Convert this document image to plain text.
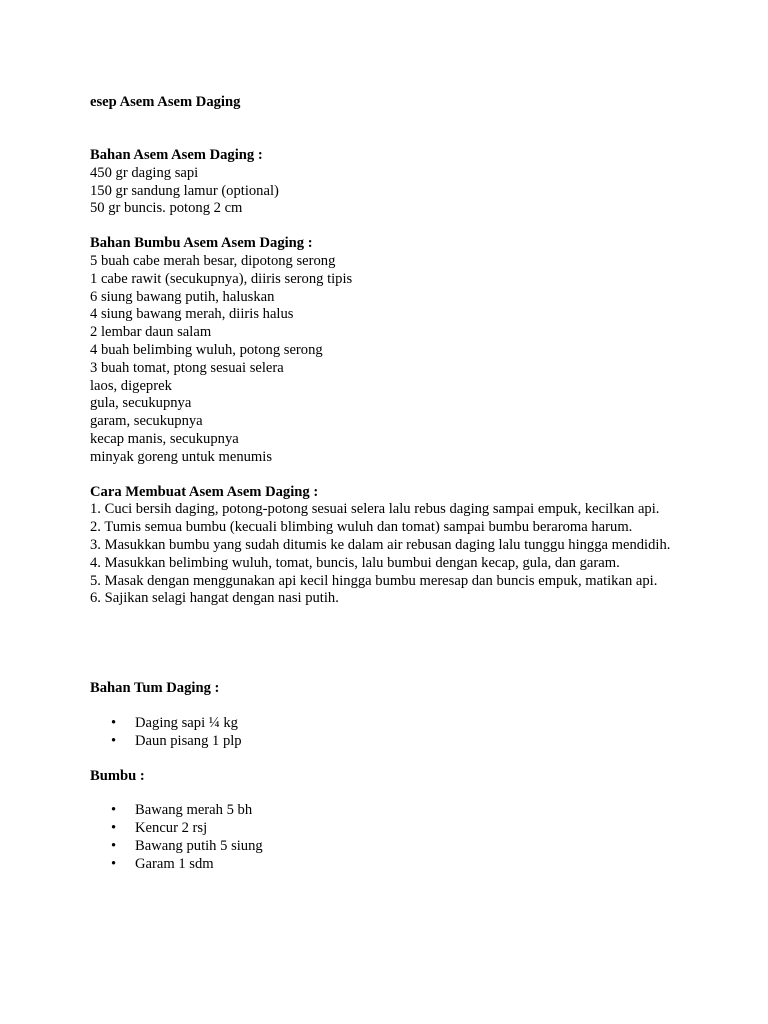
esep Asem Asem Daging

Bahan Asem Asem Daging :

450 gr daging sapi

150 gr sandung lamur (optional)

50 gr buncis. potong 2 cm

Bahan Bumbu Asem Asem Daging :

5 buah cabe merah besar, dipotong serong

1 cabe rawit (secukupnya), diiris serong tipis

6 siung bawang putih, haluskan

4 siung bawang merah, diiris halus

2 lembar daun salam

4 buah belimbing wuluh, potong serong

3 buah tomat, ptong sesuai selera

laos, digeprek

gula, secukupnya

garam, secukupnya

kecap manis, secukupnya

minyak goreng untuk menumis

Cara Membuat Asem Asem Daging :

1. Cuci bersih daging, potong-potong sesuai selera lalu rebus daging sampai empuk, kecilkan api.

2. Tumis semua bumbu (kecuali blimbing wuluh dan tomat) sampai bumbu beraroma harum.

3. Masukkan bumbu yang sudah ditumis ke dalam air rebusan daging lalu tunggu hingga mendidih.

4. Masukkan belimbing wuluh, tomat, buncis, lalu bumbui dengan kecap, gula, dan garam.

5. Masak dengan menggunakan api kecil hingga bumbu meresap dan buncis empuk, matikan api.

6. Sajikan selagi hangat dengan nasi putih.

Bahan Tum Daging :

• Daging sapi ¼ kg
• Daun pisang 1 plp

Bumbu :

• Bawang merah 5 bh
• Kencur 2 rsj
• Bawang putih 5 siung
• Garam 1 sdm
